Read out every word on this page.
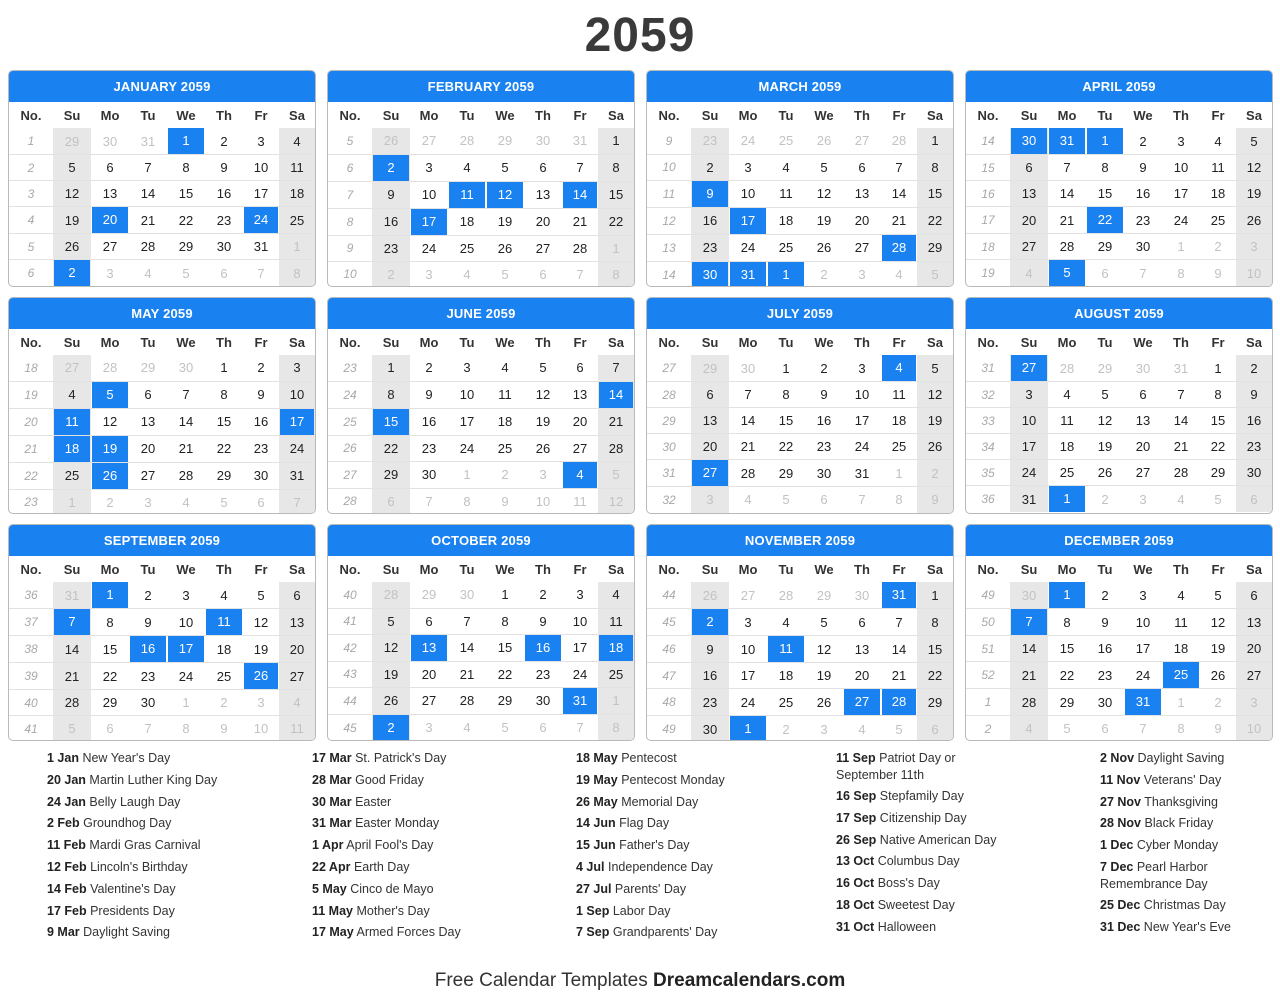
2059
JANUARY 2059
No.	Su	Mo	Tu	We	Th	Fr	Sa
1	29	30	31	1	2	3	4
2	5	6	7	8	9	10	11
3	12	13	14	15	16	17	18
4	19	20	21	22	23	24	25
5	26	27	28	29	30	31	1
6	2	3	4	5	6	7	8
FEBRUARY 2059
No.	Su	Mo	Tu	We	Th	Fr	Sa
5	26	27	28	29	30	31	1
6	2	3	4	5	6	7	8
7	9	10	11	12	13	14	15
8	16	17	18	19	20	21	22
9	23	24	25	26	27	28	1
10	2	3	4	5	6	7	8
MARCH 2059
No.	Su	Mo	Tu	We	Th	Fr	Sa
9	23	24	25	26	27	28	1
10	2	3	4	5	6	7	8
11	9	10	11	12	13	14	15
12	16	17	18	19	20	21	22
13	23	24	25	26	27	28	29
14	30	31	1	2	3	4	5
APRIL 2059
No.	Su	Mo	Tu	We	Th	Fr	Sa
14	30	31	1	2	3	4	5
15	6	7	8	9	10	11	12
16	13	14	15	16	17	18	19
17	20	21	22	23	24	25	26
18	27	28	29	30	1	2	3
19	4	5	6	7	8	9	10
MAY 2059
No.	Su	Mo	Tu	We	Th	Fr	Sa
18	27	28	29	30	1	2	3
19	4	5	6	7	8	9	10
20	11	12	13	14	15	16	17

21	18	19	20	21	22	23	24
22	25	26	27	28	29	30	31
23	1	2	3	4	5	6	7
JUNE 2059
No.	Su	Mo	Tu	We	Th	Fr	Sa
23	1	2	3	4	5	6	7
24	8	9	10	11	12	13	14

25	15	16	17	18	19	20	21
26	22	23	24	25	26	27	28
27	29	30	1	2	3	4	5
28	6	7	8	9	10	11	12
JULY 2059
No.	Su	Mo	Tu	We	Th	Fr	Sa
27	29	30	1	2	3	4	5
28	6	7	8	9	10	11	12
29	13	14	15	16	17	18	19
30	20	21	22	23	24	25	26
31	27	28	29	30	31	1	2
32	3	4	5	6	7	8	9
AUGUST 2059
No.	Su	Mo	Tu	We	Th	Fr	Sa
31	27	28	29	30	31	1	2
32	3	4	5	6	7	8	9
33	10	11	12	13	14	15	16
34	17	18	19	20	21	22	23
35	24	25	26	27	28	29	30
36	31	1	2	3	4	5	6
SEPTEMBER 2059
No.	Su	Mo	Tu	We	Th	Fr	Sa
36	31	1	2	3	4	5	6
37	7	8	9	10	11	12	13
38	14	15	16	17	18	19	20
39	21	22	23	24	25	26	27
40	28	29	30	1	2	3	4
41	5	6	7	8	9	10	11
OCTOBER 2059
No.	Su	Mo	Tu	We	Th	Fr	Sa
40	28	29	30	1	2	3	4
41	5	6	7	8	9	10	11
42	12	13	14	15	16	17	18

43	19	20	21	22	23	24	25
44	26	27	28	29	30	31	1
45	2	3	4	5	6	7	8
NOVEMBER 2059
No.	Su	Mo	Tu	We	Th	Fr	Sa
44	26	27	28	29	30	31	1
45	2	3	4	5	6	7	8
46	9	10	11	12	13	14	15
47	16	17	18	19	20	21	22
48	23	24	25	26	27	28	29
49	30	1	2	3	4	5	6
DECEMBER 2059
No.	Su	Mo	Tu	We	Th	Fr	Sa
49	30	1	2	3	4	5	6
50	7	8	9	10	11	12	13
51	14	15	16	17	18	19	20
52	21	22	23	24	25	26	27
1	28	29	30	31	1	2	3
2	4	5	6	7	8	9	10
1 Jan New Year's Day
20 Jan Martin Luther King Day
24 Jan Belly Laugh Day
2 Feb Groundhog Day
11 Feb Mardi Gras Carnival
12 Feb Lincoln's Birthday
14 Feb Valentine's Day
17 Feb Presidents Day
9 Mar Daylight Saving
17 Mar St. Patrick's Day
28 Mar Good Friday
30 Mar Easter
31 Mar Easter Monday
1 Apr April Fool's Day
22 Apr Earth Day
5 May Cinco de Mayo
11 May Mother's Day
17 May Armed Forces Day
18 May Pentecost
19 May Pentecost Monday
26 May Memorial Day
14 Jun Flag Day
15 Jun Father's Day
4 Jul Independence Day
27 Jul Parents' Day
1 Sep Labor Day
7 Sep Grandparents' Day
11 Sep Patriot Day or September 11th
16 Sep Stepfamily Day
17 Sep Citizenship Day
26 Sep Native American Day
13 Oct Columbus Day
16 Oct Boss's Day
18 Oct Sweetest Day
31 Oct Halloween
2 Nov Daylight Saving
11 Nov Veterans' Day
27 Nov Thanksgiving
28 Nov Black Friday
1 Dec Cyber Monday
7 Dec Pearl Harbor Remembrance Day
25 Dec Christmas Day
31 Dec New Year's Eve
Free Calendar Templates Dreamcalendars.com
